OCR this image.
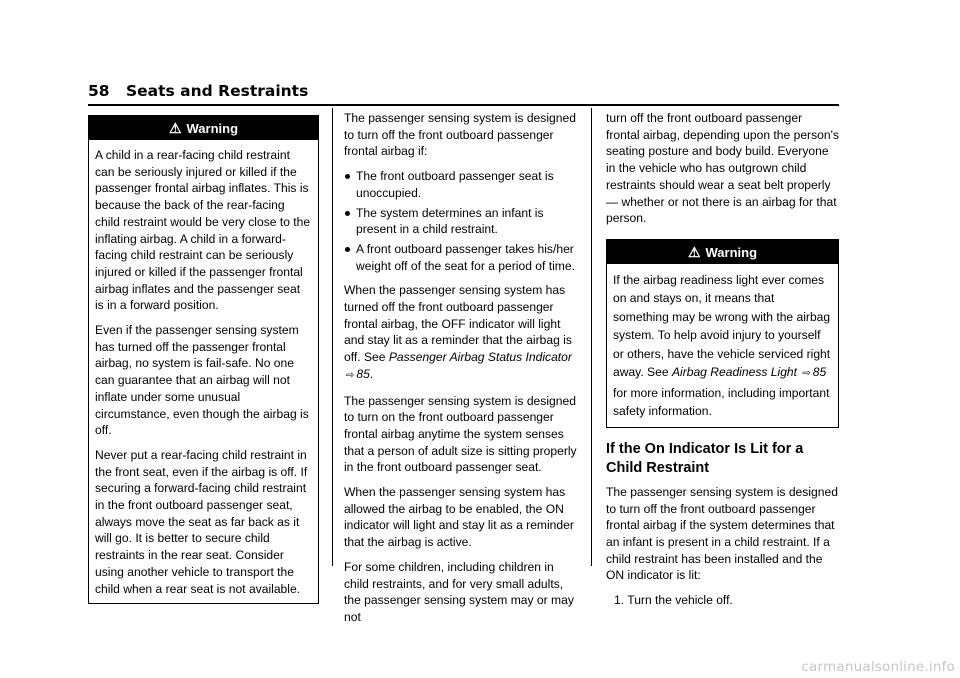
58 Seats and Restraints
⚠ Warning

A child in a rear-facing child restraint can be seriously injured or killed if the passenger frontal airbag inflates. This is because the back of the rear-facing child restraint would be very close to the inflating airbag. A child in a forward-facing child restraint can be seriously injured or killed if the passenger frontal airbag inflates and the passenger seat is in a forward position.

Even if the passenger sensing system has turned off the passenger frontal airbag, no system is fail-safe. No one can guarantee that an airbag will not inflate under some unusual circumstance, even though the airbag is off.

Never put a rear-facing child restraint in the front seat, even if the airbag is off. If securing a forward-facing child restraint in the front outboard passenger seat, always move the seat as far back as it will go. It is better to secure child restraints in the rear seat. Consider using another vehicle to transport the child when a rear seat is not available.

The passenger sensing system is designed to turn off the front outboard passenger frontal airbag if:

The front outboard passenger seat is unoccupied.
The system determines an infant is present in a child restraint.
A front outboard passenger takes his/her weight off of the seat for a period of time.

When the passenger sensing system has turned off the front outboard passenger frontal airbag, the OFF indicator will light and stay lit as a reminder that the airbag is off. See Passenger Airbag Status Indicator ⇨ 85.

The passenger sensing system is designed to turn on the front outboard passenger frontal airbag anytime the system senses that a person of adult size is sitting properly in the front outboard passenger seat.

When the passenger sensing system has allowed the airbag to be enabled, the ON indicator will light and stay lit as a reminder that the airbag is active.

For some children, including children in child restraints, and for very small adults, the passenger sensing system may or may not

turn off the front outboard passenger frontal airbag, depending upon the person's seating posture and body build. Everyone in the vehicle who has outgrown child restraints should wear a seat belt properly — whether or not there is an airbag for that person.

⚠ Warning

If the airbag readiness light ever comes on and stays on, it means that something may be wrong with the airbag system. To help avoid injury to yourself or others, have the vehicle serviced right away. See Airbag Readiness Light ⇨ 85 for more information, including important safety information.

If the On Indicator Is Lit for a Child Restraint

The passenger sensing system is designed to turn off the front outboard passenger frontal airbag if the system determines that an infant is present in a child restraint. If a child restraint has been installed and the ON indicator is lit:

1. Turn the vehicle off.

carmanualsonline.info
